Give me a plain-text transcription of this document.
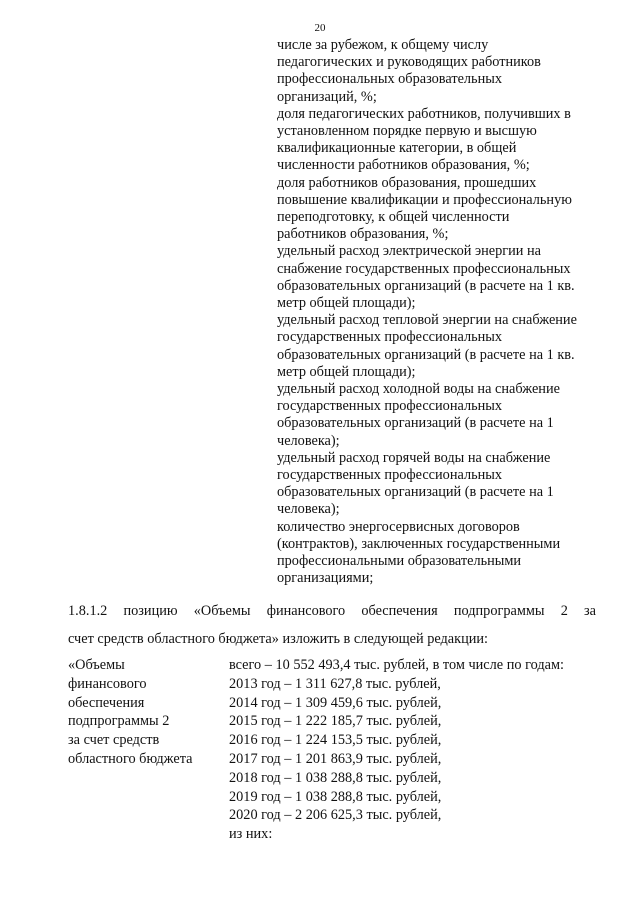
20
числе за рубежом, к общему числу
педагогических и руководящих работников
профессиональных образовательных
организаций, %;
доля педагогических работников, получивших в
установленном порядке первую и высшую
квалификационные категории, в общей
численности работников образования, %;
доля работников образования, прошедших
повышение квалификации и профессиональную
переподготовку, к общей численности
работников образования, %;
удельный расход электрической энергии на
снабжение государственных профессиональных
образовательных организаций (в расчете на 1 кв.
метр общей площади);
удельный расход тепловой энергии на снабжение
государственных профессиональных
образовательных организаций (в расчете на 1 кв.
метр общей площади);
удельный расход холодной воды на снабжение
государственных профессиональных
образовательных организаций (в расчете на 1
человека);
удельный расход горячей воды на снабжение
государственных профессиональных
образовательных организаций (в расчете на 1
человека);
количество энергосервисных договоров
(контрактов), заключенных государственными
профессиональными образовательными
организациями;
1.8.1.2 позицию «Объемы финансового обеспечения подпрограммы 2 за
счет средств областного бюджета» изложить в следующей редакции:
«Объемы
финансового
обеспечения
подпрограммы 2
за счет средств
областного бюджета
всего – 10 552 493,4 тыс. рублей, в том числе по годам:
2013 год – 1 311 627,8 тыс. рублей,
2014 год – 1 309 459,6 тыс. рублей,
2015 год – 1 222 185,7 тыс. рублей,
2016 год – 1 224 153,5 тыс. рублей,
2017 год – 1 201 863,9 тыс. рублей,
2018 год – 1 038 288,8 тыс. рублей,
2019 год – 1 038 288,8 тыс. рублей,
2020 год – 2 206 625,3 тыс. рублей,
из них:
